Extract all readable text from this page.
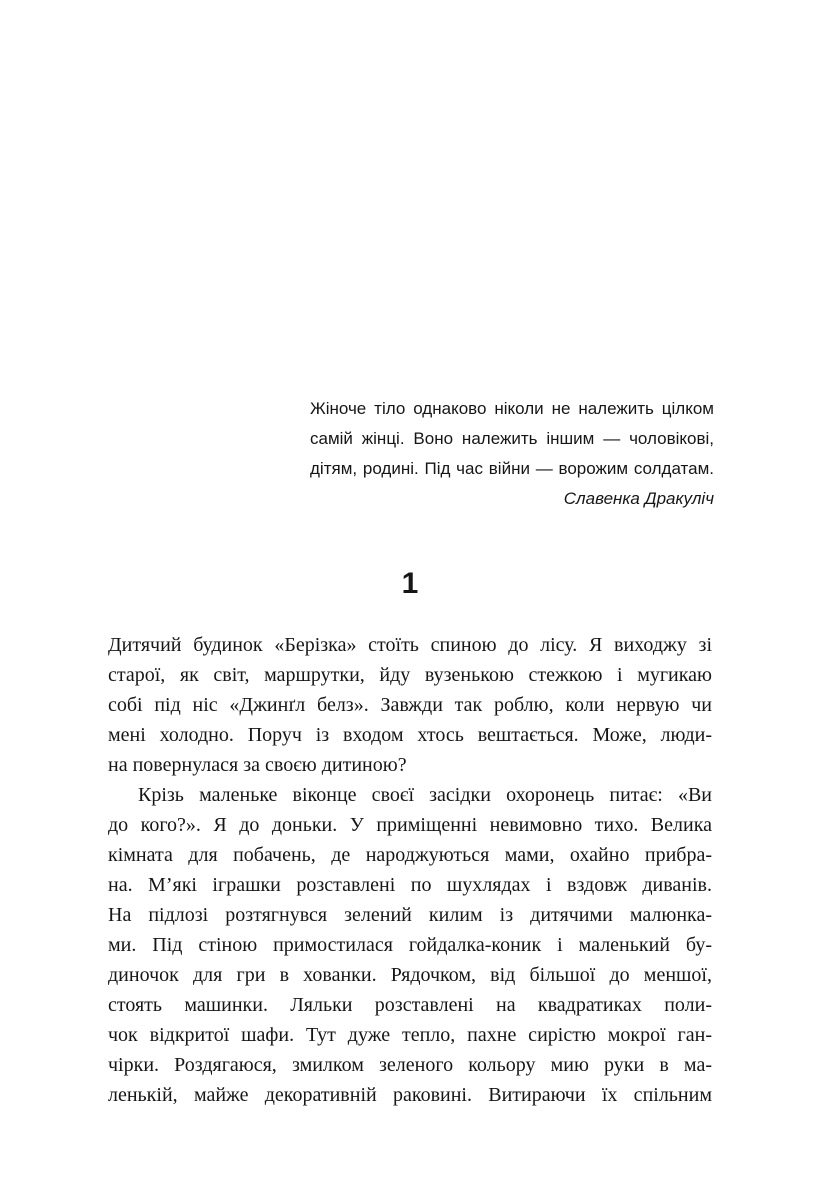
Жіноче тіло однаково ніколи не належить цілком
самій жінці. Воно належить іншим — чоловікові,
дітям, родині. Під час війни — ворожим солдатам.
Славенка Дракуліч
1
Дитячий будинок «Берізка» стоїть спиною до лісу. Я виходжу зі
старої, як світ, маршрутки, йду вузенькою стежкою і мугикаю
собі під ніс «Джинґл белз». Завжди так роблю, коли нервую чи
мені холодно. Поруч із входом хтось вештається. Може, люди-
на повернулася за своєю дитиною?
Крізь маленьке віконце своєї засідки охоронець питає: «Ви
до кого?». Я до доньки. У приміщенні невимовно тихо. Велика
кімната для побачень, де народжуються мами, охайно прибра-
на. М’які іграшки розставлені по шухлядах і вздовж диванів.
На підлозі розтягнувся зелений килим із дитячими малюнка-
ми. Під стіною примостилася гойдалка-коник і маленький бу-
диночок для гри в хованки. Рядочком, від більшої до меншої,
стоять машинки. Ляльки розставлені на квадратиках поли-
чок відкритої шафи. Тут дуже тепло, пахне сирістю мокрої ган-
чірки. Роздягаюся, змилком зеленого кольору мию руки в ма-
ленькій, майже декоративній раковині. Витираючи їх спільним
